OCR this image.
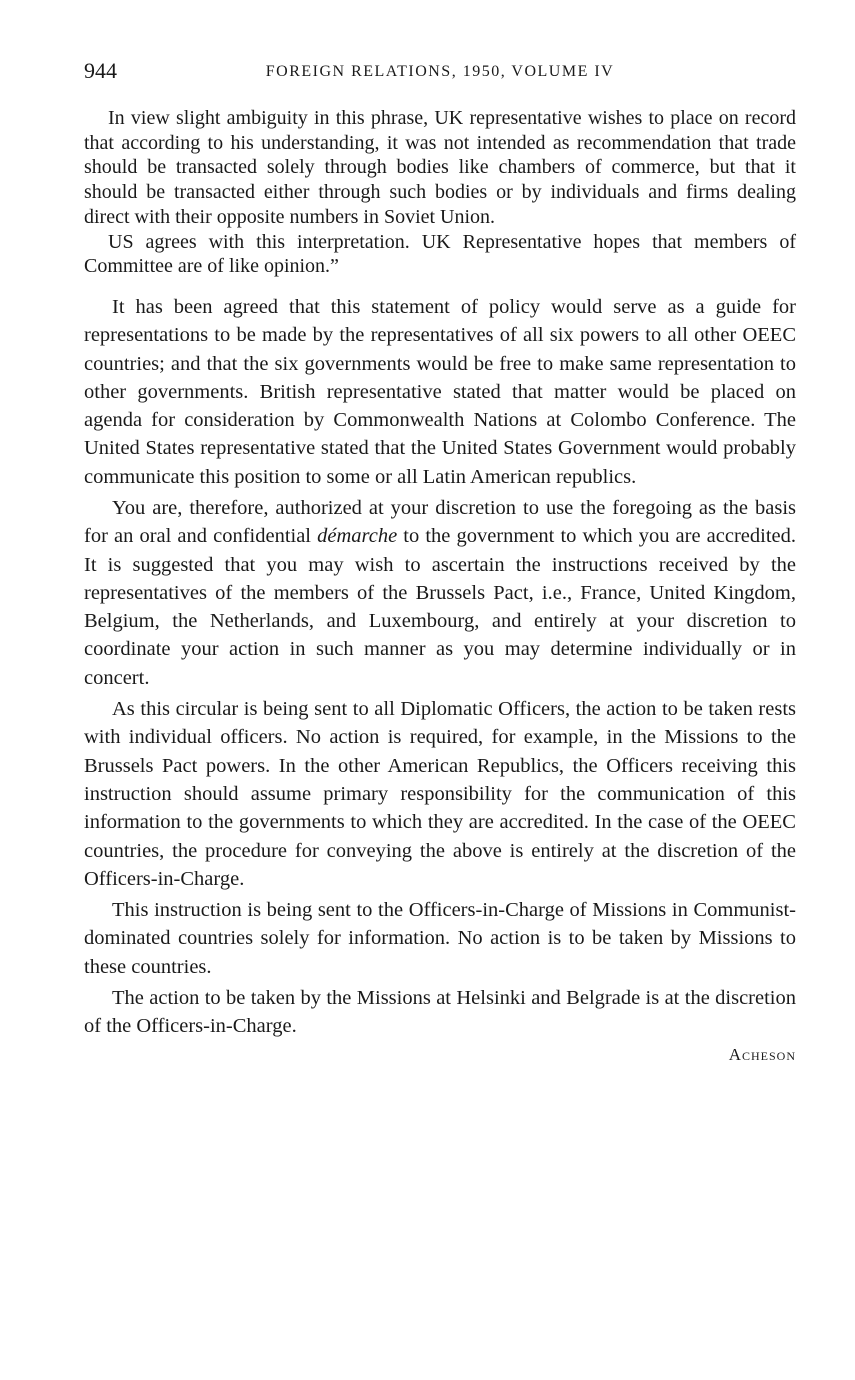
944	FOREIGN RELATIONS, 1950, VOLUME IV

In view slight ambiguity in this phrase, UK representative wishes to place on record that according to his understanding, it was not intended as recommendation that trade should be transacted solely through bodies like chambers of commerce, but that it should be transacted either through such bodies or by individuals and firms dealing direct with their opposite numbers in Soviet Union.

US agrees with this interpretation. UK Representative hopes that members of Committee are of like opinion.”

It has been agreed that this statement of policy would serve as a guide for representations to be made by the representatives of all six powers to all other OEEC countries; and that the six governments would be free to make same representation to other governments. British representative stated that matter would be placed on agenda for consideration by Commonwealth Nations at Colombo Conference. The United States representative stated that the United States Government would probably communicate this position to some or all Latin American republics.

You are, therefore, authorized at your discretion to use the foregoing as the basis for an oral and confidential démarche to the government to which you are accredited. It is suggested that you may wish to ascertain the instructions received by the representatives of the members of the Brussels Pact, i.e., France, United Kingdom, Belgium, the Netherlands, and Luxembourg, and entirely at your discretion to coordinate your action in such manner as you may determine individually or in concert.

As this circular is being sent to all Diplomatic Officers, the action to be taken rests with individual officers. No action is required, for example, in the Missions to the Brussels Pact powers. In the other American Republics, the Officers receiving this instruction should assume primary responsibility for the communication of this information to the governments to which they are accredited. In the case of the OEEC countries, the procedure for conveying the above is entirely at the discretion of the Officers-in-Charge.

This instruction is being sent to the Officers-in-Charge of Missions in Communist-dominated countries solely for information. No action is to be taken by Missions to these countries.

The action to be taken by the Missions at Helsinki and Belgrade is at the discretion of the Officers-in-Charge.

Acheson
